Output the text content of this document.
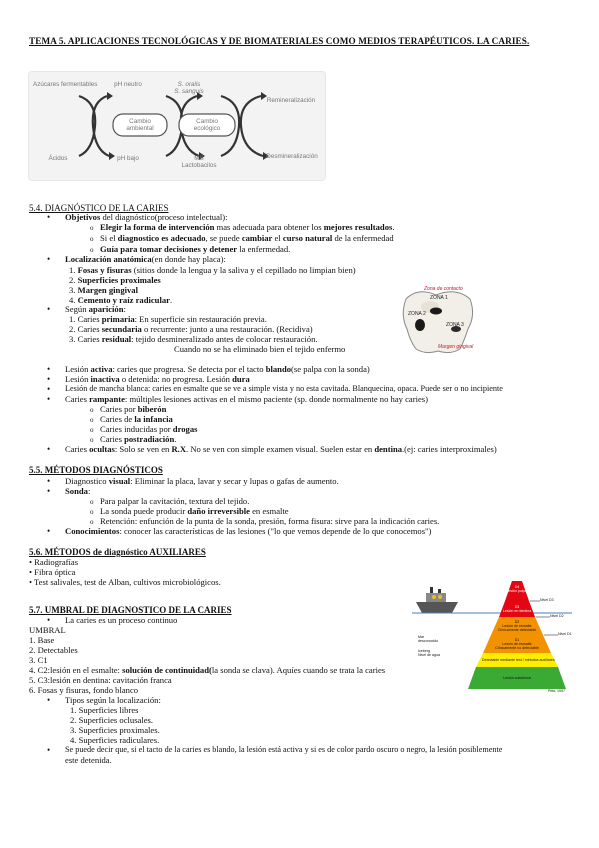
TEMA 5. APLICACIONES TECNOLÓGICAS Y DE BIOMATERIALES COMO MEDIOS TERAPÉUTICOS. LA CARIES.
Azúcares fermentables
Ácidos
pH neutro
pH bajo
Cambio ambiental
S. oralis
S. sanguis
Cambio ecológico
MS
Lactobacilos
Remineralización
Desmineralización
5.4. DIAGNÓSTICO DE LA CARIES
• Objetivos del diagnóstico(proceso intelectual):
o Elegir la forma de intervención mas adecuada para obtener los mejores resultados.
o Si el diagnostico es adecuado, se puede cambiar el curso natural de la enfermedad
o Guía para tomar decisiones y detener la enfermedad.
• Localización anatómica(en donde hay placa):
1. Fosas y fisuras (sitios donde la lengua y la saliva y el cepillado no limpian bien)
2. Superficies proximales
3. Margen gingival
4. Cemento y raíz radicular.
• Según aparición:
1. Caries primaria: En superficie sin restauración previa.
2. Caries secundaria o recurrente: junto a una restauración. (Recidiva)
3. Caries residual: tejido desmineralizado antes de colocar restauración.
Cuando no se ha eliminado bien el tejido enfermo
ZONA 1
ZONA 2
ZONA 3
Zona de contacto
Margen gingival
• Lesión activa: caries que progresa. Se detecta por el tacto blando(se palpa con la sonda)
• Lesión inactiva o detenida: no progresa. Lesión dura
• Lesión de mancha blanca: caries en esmalte que se ve a simple vista y no esta cavitada. Blanquecina, opaca. Puede ser o no incipiente
• Caries rampante: múltiples lesiones activas en el mismo paciente (sp. donde normalmente no hay caries)
o Caries por biberón
o Caries de la infancia
o Caries inducidas por drogas
o Caries postradiación.
• Caries ocultas: Solo se ven en R.X. No se ven con simple examen visual. Suelen estar en dentina.(ej: caries interproximales)
5.5. MÉTODOS DIAGNÓSTICOS
• Diagnostico visual: Eliminar la placa, lavar y secar y lupas o gafas de aumento.
• Sonda:
o Para palpar la cavitación, textura del tejido.
o La sonda puede producir daño irreversible en esmalte
o Retención: enfunción de la punta de la sonda, presión, forma fisura: sirve para la indicación caries.
• Conocimientos: conocer las características de las lesiones ("lo que vemos depende de lo que conocemos")
5.6. MÉTODOS de diagnóstico AUXILIARES
• Radiografías
• Fibra óptica
• Test salivales, test de Alban, cultivos microbiológicos.
5.7. UMBRAL DE DIAGNOSTICO DE LA CARIES
• La caries es un proceso continuo
UMBRAL
1. Base
2. Detectables
3. C1
4. C2:lesión en el esmalte: solución de continuidad(la sonda se clava). Aquíes cuando se trata la caries
5. C3:lesión en dentina: cavitación franca
6. Fosas y fisuras, fondo blanco
• Tipos según la localización:
1. Superficies libres
2. Superficies oclusales.
3. Superficies proximales.
4. Superficies radiculares.
• Se puede decir que, si el tacto de la caries es blando, la lesión está activa y si es de color pardo oscuro o negro, la lesión posiblemente
este detenida.
D4
Lesión pulpar
D3
Lesión en dentina
D2
Lesión de esmalte
Clínicamente detectable
D1
Lesión de esmalte
Clínicamente no detectable
Detectable mediante test / métodos auxiliares
Lesión subclínica
Nivel D3
Nivel D2
Nivel D1
Mar
desconocido
Iceberg
Nivel de agua
Pitts, 1997
